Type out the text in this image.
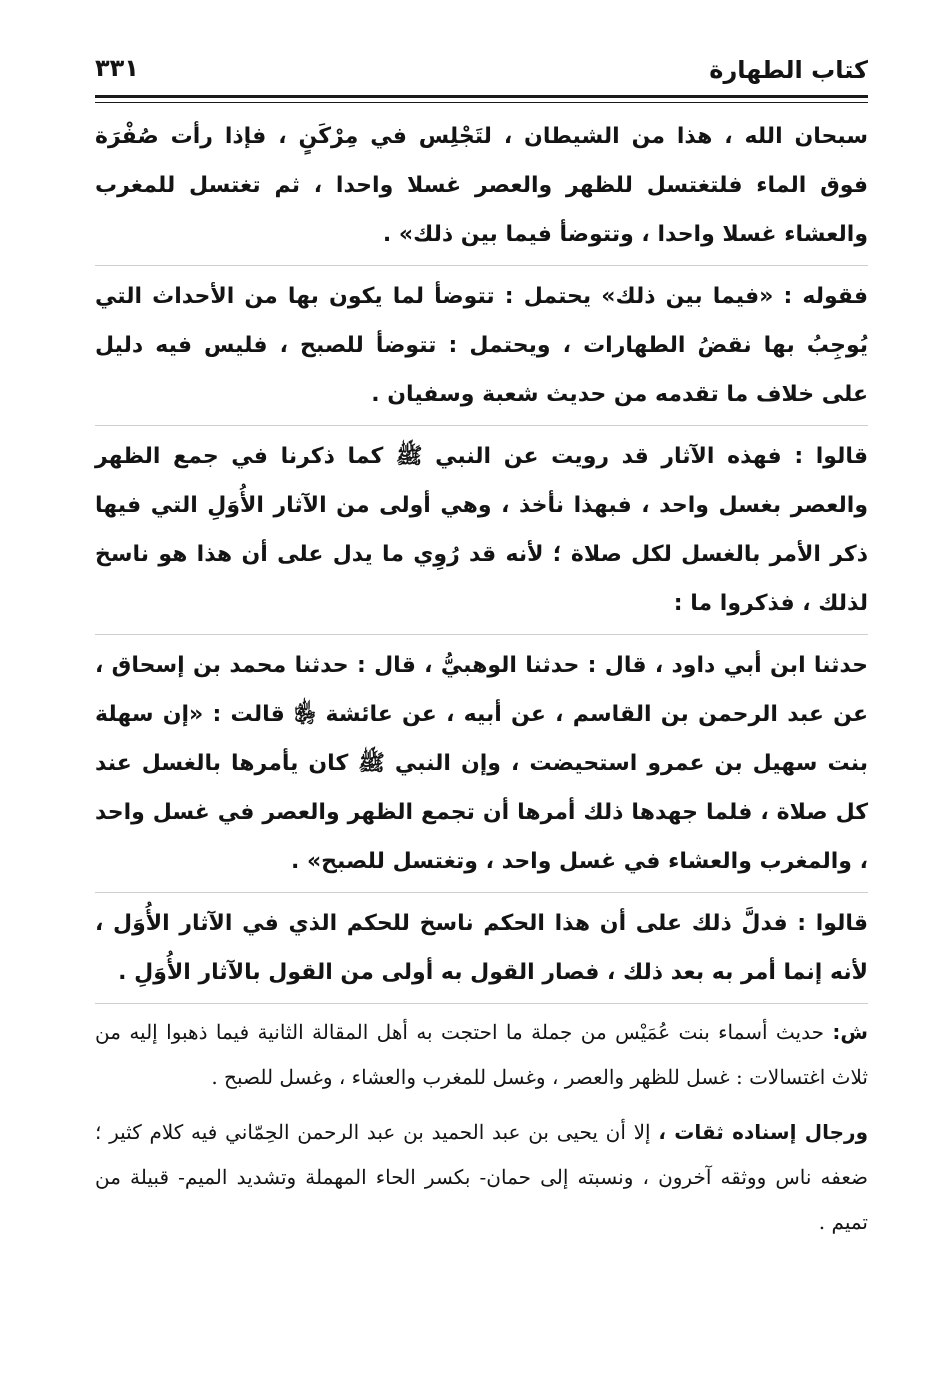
كتاب الطهارة
٣٣١

سبحان الله ، هذا من الشيطان ، لتَجْلِس في مِرْكَنٍ ، فإذا رأت صُفْرَة فوق الماء فلتغتسل للظهر والعصر غسلا واحدا ، ثم تغتسل للمغرب والعشاء غسلا واحدا ، وتتوضأ فيما بين ذلك» .

فقوله : «فيما بين ذلك» يحتمل : تتوضأ لما يكون بها من الأحداث التي يُوجِبُ بها نقضُ الطهارات ، ويحتمل : تتوضأ للصبح ، فليس فيه دليل على خلاف ما تقدمه من حديث شعبة وسفيان .

قالوا : فهذه الآثار قد رويت عن النبي ﷺ كما ذكرنا في جمع الظهر والعصر بغسل واحد ، فبهذا نأخذ ، وهي أولى من الآثار الأُوَلِ التي فيها ذكر الأمر بالغسل لكل صلاة ؛ لأنه قد رُوِي ما يدل على أن هذا هو ناسخ لذلك ، فذكروا ما :

حدثنا ابن أبي داود ، قال : حدثنا الوهبيُّ ، قال : حدثنا محمد بن إسحاق ، عن عبد الرحمن بن القاسم ، عن أبيه ، عن عائشة ﵂ قالت : «إن سهلة بنت سهيل بن عمرو استحيضت ، وإن النبي ﷺ كان يأمرها بالغسل عند كل صلاة ، فلما جهدها ذلك أمرها أن تجمع الظهر والعصر في غسل واحد ، والمغرب والعشاء في غسل واحد ، وتغتسل للصبح» .

قالوا : فدلَّ ذلك على أن هذا الحكم ناسخ للحكم الذي في الآثار الأُوَل ، لأنه إنما أمر به بعد ذلك ، فصار القول به أولى من القول بالآثار الأُوَلِ .

ش: حديث أسماء بنت عُمَيْس من جملة ما احتجت به أهل المقالة الثانية فيما ذهبوا إليه من ثلاث اغتسالات : غسل للظهر والعصر ، وغسل للمغرب والعشاء ، وغسل للصبح .

ورجال إسناده ثقات ، إلا أن يحيى بن عبد الحميد بن عبد الرحمن الحِمّاني فيه كلام كثير ؛ ضعفه ناس ووثقه آخرون ، ونسبته إلى حمان- بكسر الحاء المهملة وتشديد الميم- قبيلة من تميم .
